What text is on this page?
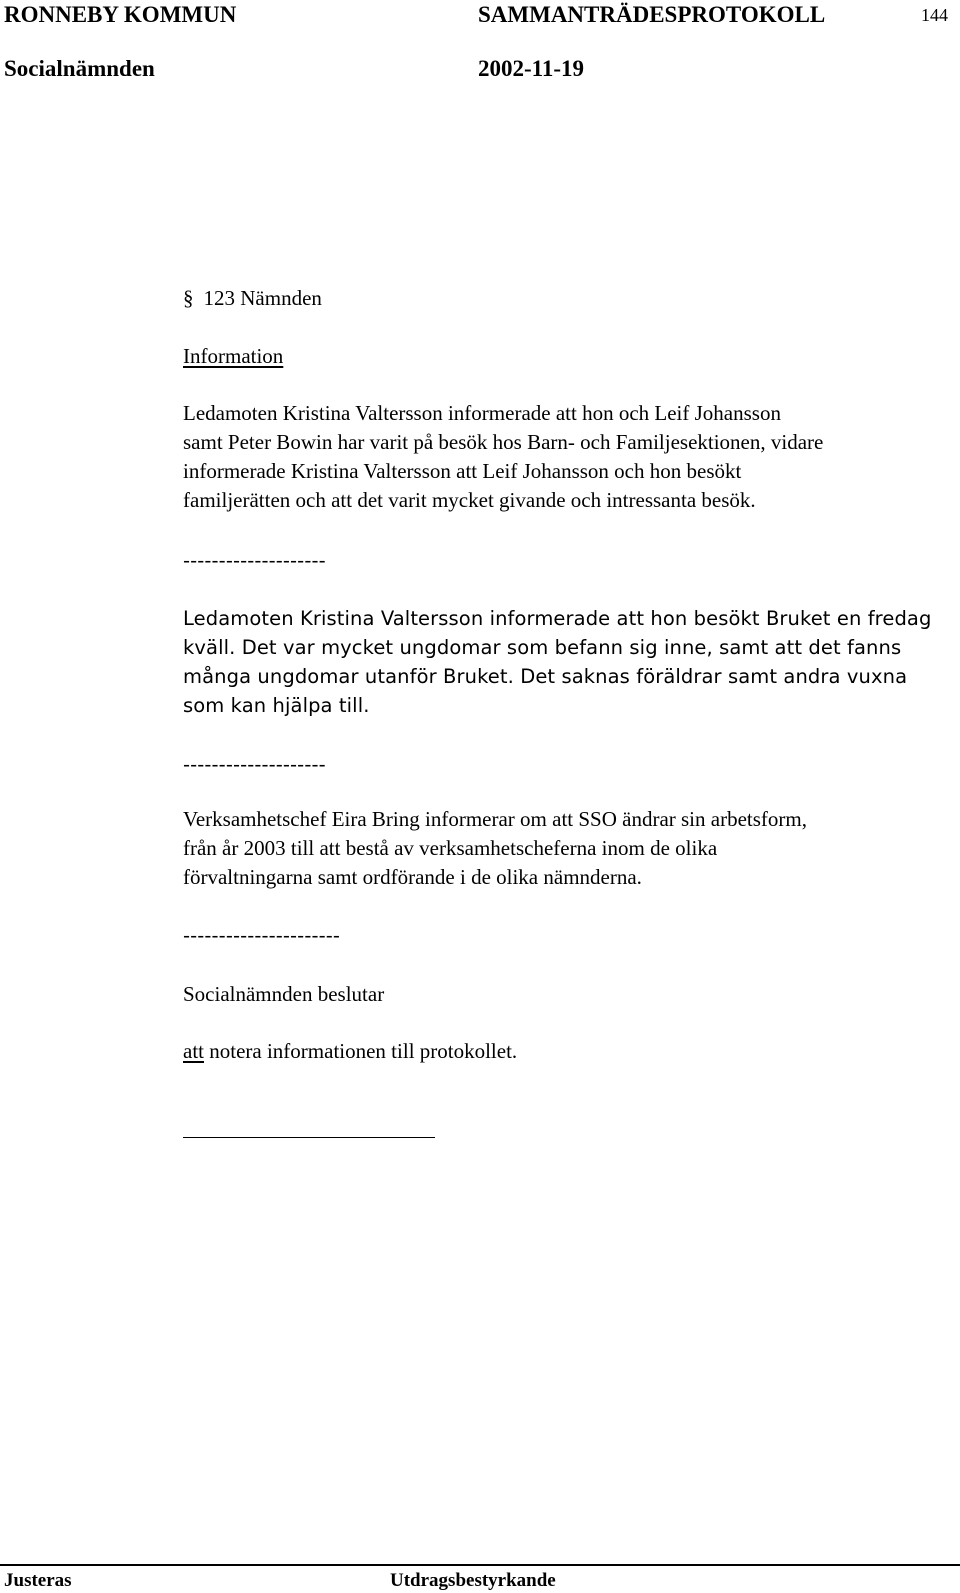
RONNEBY KOMMUN	SAMMANTRÄDESPROTOKOLL	144
Socialnämnden	2002-11-19
§ 123 Nämnden
Information
Ledamoten Kristina Valtersson informerade att hon och Leif Johansson
samt Peter Bowin har varit på besök hos Barn- och Familjesektionen, vidare
informerade Kristina Valtersson att Leif Johansson och hon besökt
familjerätten och att det varit mycket givande och intressanta besök.
--------------------
Ledamoten Kristina Valtersson informerade att hon besökt Bruket en fredag
kväll. Det var mycket ungdomar som befann sig inne, samt att det fanns
många ungdomar utanför Bruket. Det saknas föräldrar samt andra vuxna
som kan hjälpa till.
--------------------
Verksamhetschef Eira Bring informerar om att SSO ändrar sin arbetsform,
från år 2003 till att bestå av verksamhetscheferna inom de olika
förvaltningarna samt ordförande i de olika nämnderna.
----------------------
Socialnämnden beslutar
att notera informationen till protokollet.
Justeras	Utdragsbestyrkande
